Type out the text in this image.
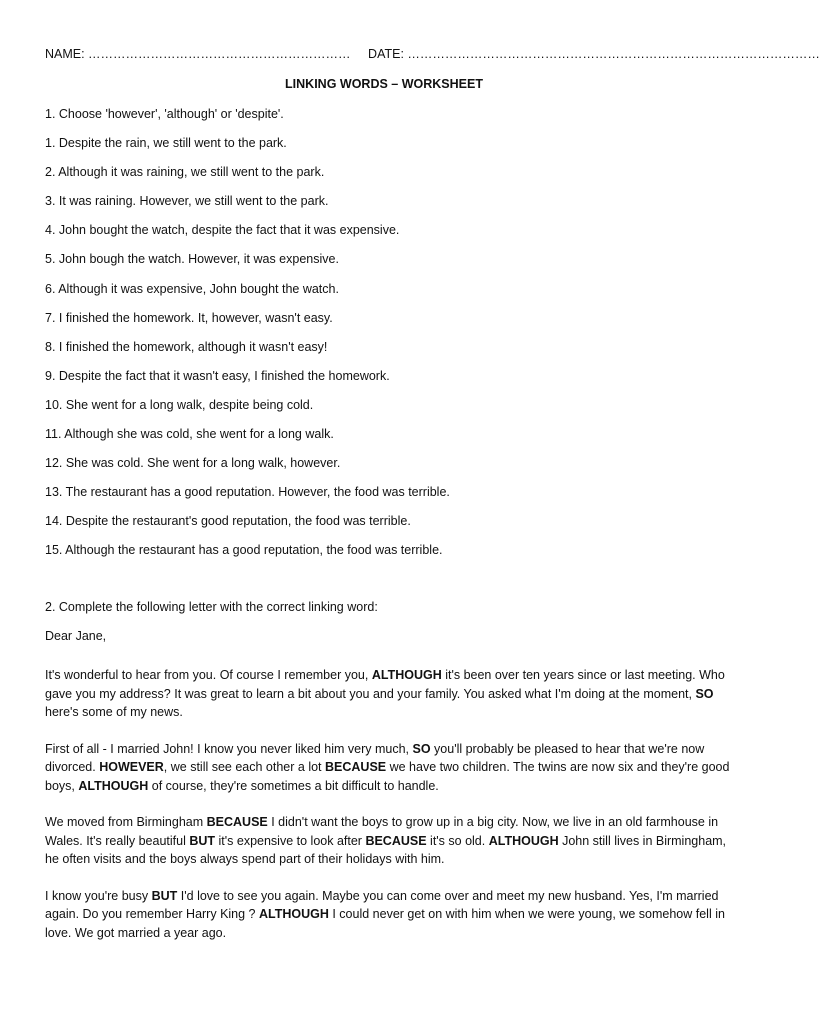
NAME: ……………………………………………………… DATE: ………………………………………………………………………………………
LINKING WORDS – WORKSHEET
1. Choose 'however', 'although' or 'despite'.
1. Despite the rain, we still went to the park.
2. Although it was raining, we still went to the park.
3. It was raining. However, we still went to the park.
4. John bought the watch, despite the fact that it was expensive.
5. John bough the watch. However, it was expensive.
6. Although it was expensive, John bought the watch.
7. I finished the homework. It, however, wasn't easy.
8. I finished the homework, although it wasn't easy!
9. Despite the fact that it wasn't easy, I finished the homework.
10. She went for a long walk, despite being cold.
11. Although she was cold, she went for a long walk.
12. She was cold. She went for a long walk, however.
13. The restaurant has a good reputation. However, the food was terrible.
14. Despite the restaurant's good reputation, the food was terrible.
15. Although the restaurant has a good reputation, the food was terrible.
2. Complete the following letter with the correct linking word:
Dear Jane,

It's wonderful to hear from you. Of course I remember you, ALTHOUGH it's been over ten years since or last meeting. Who gave you my address? It was great to learn a bit about you and your family. You asked what I'm doing at the moment, SO here's some of my news.

First of all - I married John! I know you never liked him very much, SO you'll probably be pleased to hear that we're now divorced. HOWEVER, we still see each other a lot BECAUSE we have two children. The twins are now six and they're good boys, ALTHOUGH of course, they're sometimes a bit difficult to handle.

We moved from Birmingham BECAUSE I didn't want the boys to grow up in a big city. Now, we live in an old farmhouse in Wales. It's really beautiful BUT it's expensive to look after BECAUSE it's so old. ALTHOUGH John still lives in Birmingham, he often visits and the boys always spend part of their holidays with him.

I know you're busy BUT I'd love to see you again. Maybe you can come over and meet my new husband. Yes, I'm married again. Do you remember Harry King ? ALTHOUGH I could never get on with him when we were young, we somehow fell in love. We got married a year ago.
